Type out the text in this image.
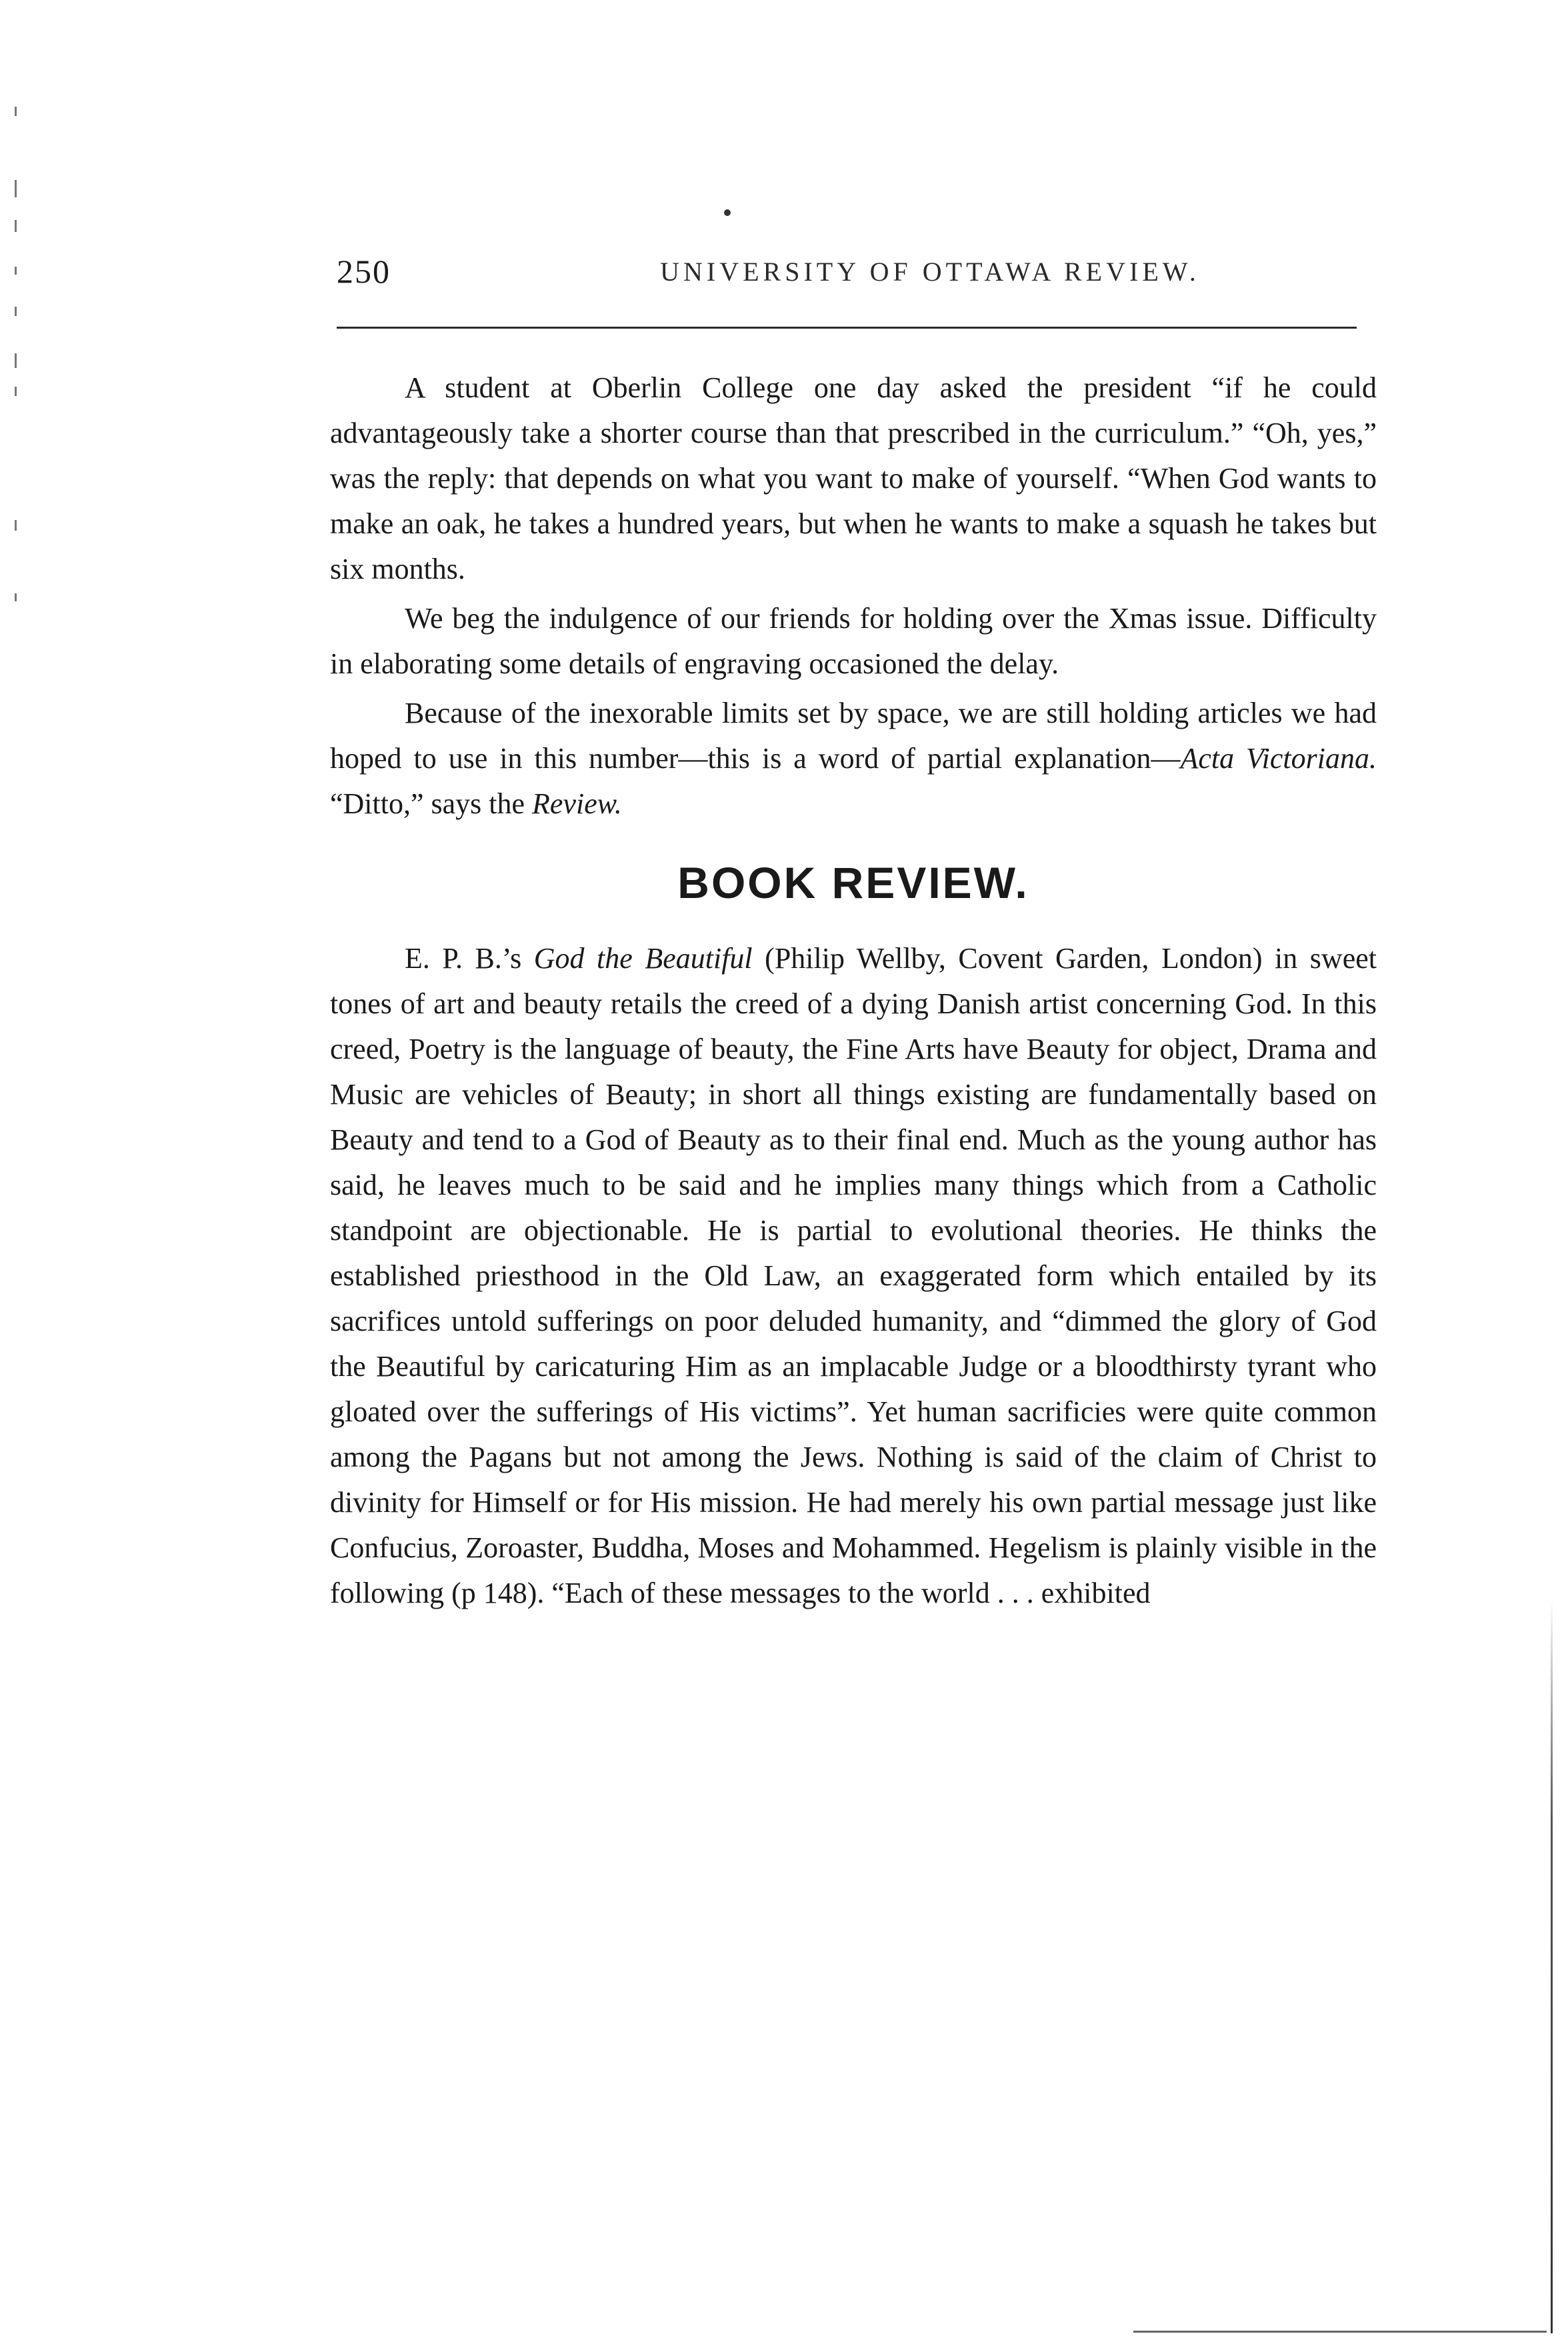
250	UNIVERSITY OF OTTAWA REVIEW.

A student at Oberlin College one day asked the president “if he could advantageously take a shorter course than that prescribed in the curriculum.” “Oh, yes,” was the reply: that depends on what you want to make of yourself. “When God wants to make an oak, he takes a hundred years, but when he wants to make a squash he takes but six months.

We beg the indulgence of our friends for holding over the Xmas issue. Difficulty in elaborating some details of engraving occasioned the delay.

Because of the inexorable limits set by space, we are still holding articles we had hoped to use in this number—this is a word of partial explanation—Acta Victoriana. “Ditto,” says the Review.

BOOK REVIEW.

E. P. B.’s God the Beautiful (Philip Wellby, Covent Garden, London) in sweet tones of art and beauty retails the creed of a dying Danish artist concerning God. In this creed, Poetry is the language of beauty, the Fine Arts have Beauty for object, Drama and Music are vehicles of Beauty; in short all things existing are fundamentally based on Beauty and tend to a God of Beauty as to their final end. Much as the young author has said, he leaves much to be said and he implies many things which from a Catholic standpoint are objectionable. He is partial to evolutional theories. He thinks the established priesthood in the Old Law, an exaggerated form which entailed by its sacrifices untold sufferings on poor deluded humanity, and “dimmed the glory of God the Beautiful by caricaturing Him as an implacable Judge or a bloodthirsty tyrant who gloated over the sufferings of His victims”. Yet human sacrificies were quite common among the Pagans but not among the Jews. Nothing is said of the claim of Christ to divinity for Himself or for His mission. He had merely his own partial message just like Confucius, Zoroaster, Buddha, Moses and Mohammed. Hegelism is plainly visible in the following (p 148). “Each of these messages to the world . . . exhibited
